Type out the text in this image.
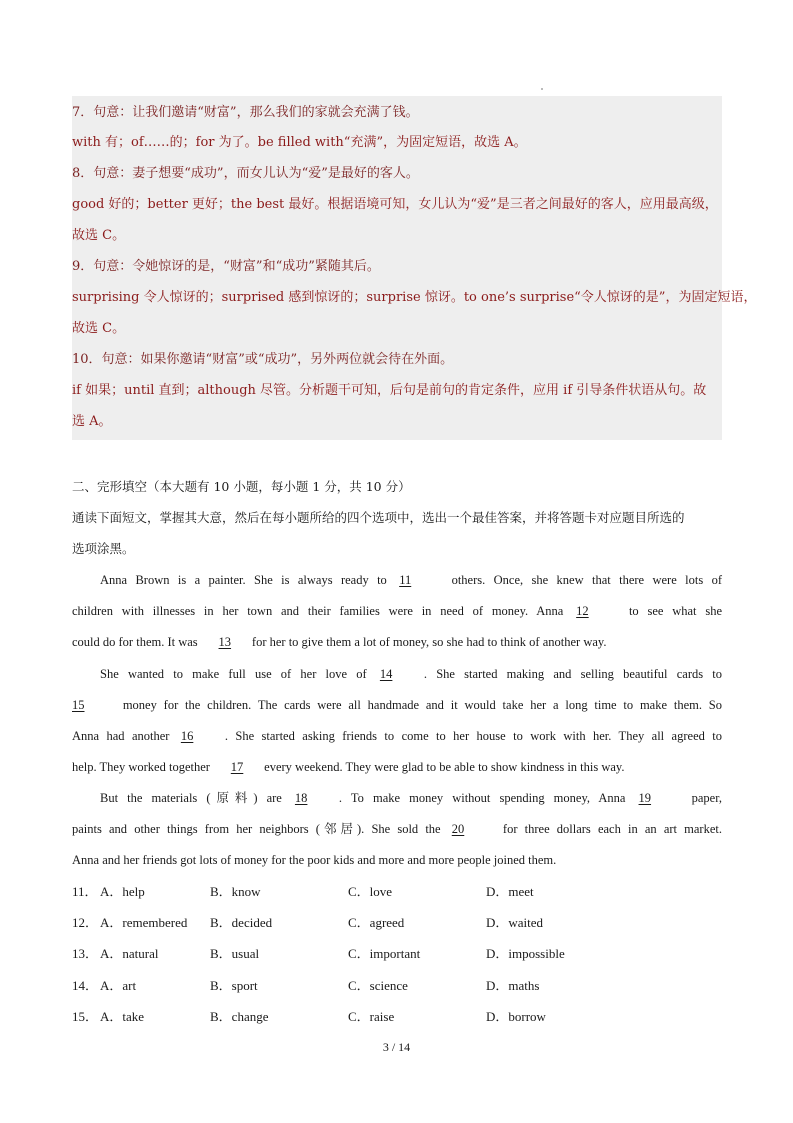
7．句意：让我们邀请“财富”，那么我们的家就会充满了钱。
with 有；of……的；for 为了。be filled with“充满”，为固定短语，故选 A。
8．句意：妻子想要“成功”，而女儿认为“爱”是最好的客人。
good 好的；better 更好；the best 最好。根据语境可知，女儿认为“爱”是三者之间最好的客人，应用最高级，
故选 C。
9．句意：令她惊讶的是，“财富”和“成功”紧随其后。
surprising 令人惊讶的；surprised 感到惊讶的；surprise 惊讶。to one’s surprise“令人惊讶的是”，为固定短语，
故选 C。
10．句意：如果你邀请“财富”或“成功”，另外两位就会待在外面。
if 如果；until 直到；although 尽管。分析题干可知，后句是前句的肯定条件，应用 if 引导条件状语从句。故
选 A。
二、完形填空（本大题有 10 小题，每小题 1 分，共 10 分）
通读下面短文，掌握其大意，然后在每小题所给的四个选项中，选出一个最佳答案，并将答题卡对应题目所选的
选项涂黑。
Anna Brown is a painter. She is always ready to 11	others. Once, she knew that there were lots of
children with illnesses in her town and their families were in need of money. Anna 12	to see what she
could do for them. It was 13 for her to give them a lot of money, so she had to think of another way.
She wanted to make full use of her love of 14	. She started making and selling beautiful cards to
15	money for the children. The cards were all handmade and it would take her a long time to make them. So
Anna had another 16	. She started asking friends to come to her house to work with her. They all agreed to
help. They worked together 17 every weekend. They were glad to be able to show kindness in this way.
But the materials (原料) are 18	. To make money without spending money, Anna 19	paper,
paints and other things from her neighbors (邻居). She sold the 20	for three dollars each in an art market.
Anna and her friends got lots of money for the poor kids and more and more people joined them.
11． A．help	B．know	C．love	D．meet
12． A．remembered B．decided	C．agreed	D．waited
13． A．natural	B．usual	C．important	D．impossible
14． A．art	B．sport	C．science	D．maths
15． A．take	B．change	C．raise	D．borrow
3 / 14
